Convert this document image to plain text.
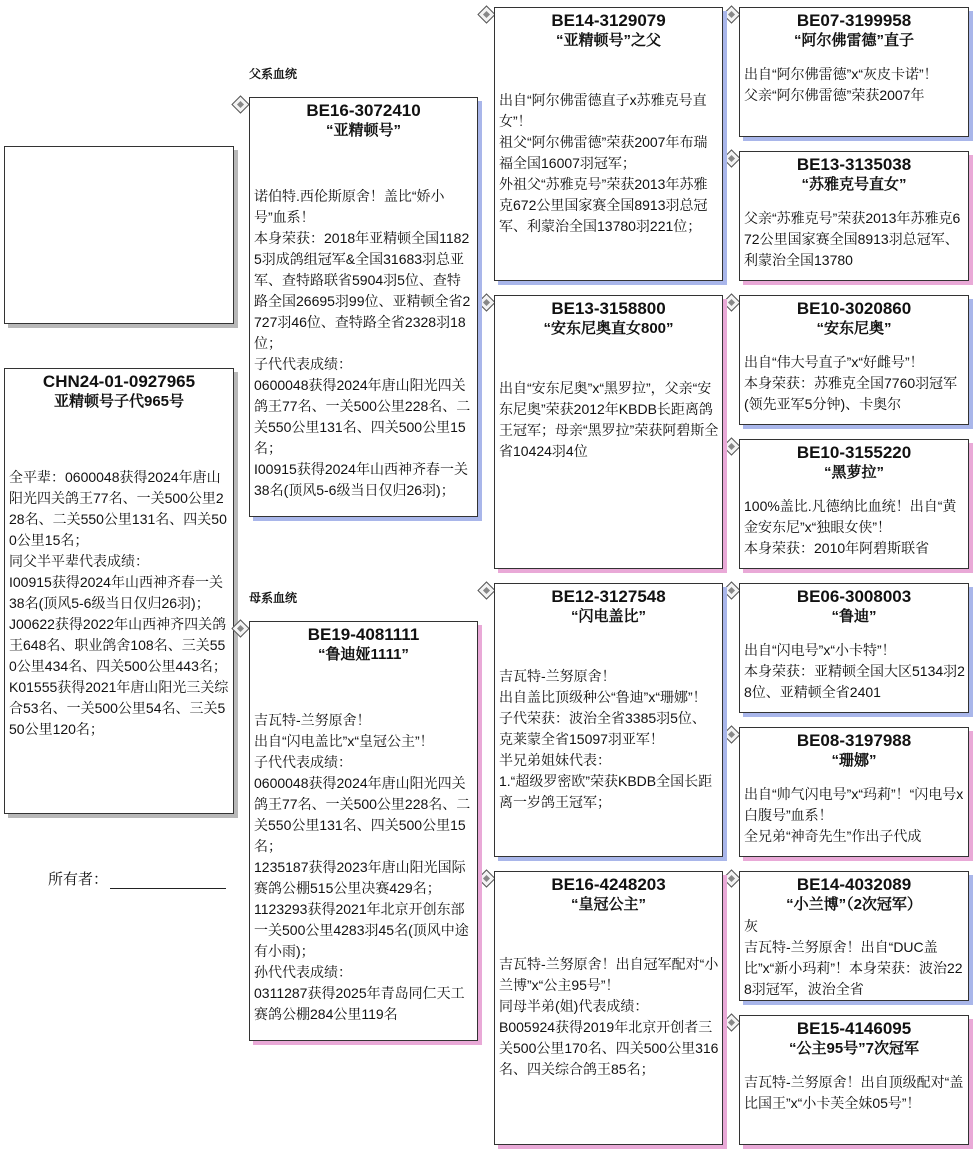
CHN24-01-0927965
亚精顿号子代965号
全平辈：0600048获得2024年唐山阳光四关鸽王77名、一关500公里228名、二关550公里131名、四关500公里15名；
同父半平辈代表成绩：
I00915获得2024年山西神齐春一关38名(顶风5-6级当日仅归26羽)；
J00622获得2022年山西神齐四关鸽王648名、职业鸽舍108名、三关550公里434名、四关500公里443名；
K01555获得2021年唐山阳光三关综合53名、一关500公里54名、三关550公里120名；
所有者：
父系血统
母系血统
BE16-3072410
“亚精顿号”
诺伯特.西伦斯原舍！盖比“娇小号”血系！
本身荣获：2018年亚精顿全国11825羽成鸽组冠军&全国31683羽总亚军、查特路联省5904羽5位、查特路全国26695羽99位、亚精顿全省2727羽46位、查特路全省2328羽18位；
子代代表成绩：
0600048获得2024年唐山阳光四关鸽王77名、一关500公里228名、二关550公里131名、四关500公里15名；
I00915获得2024年山西神齐春一关38名(顶风5-6级当日仅归26羽)；
BE19-4081111
“鲁迪娅1111”
吉瓦特-兰努原舍！
出自“闪电盖比”x“皇冠公主”！
子代代表成绩：
0600048获得2024年唐山阳光四关鸽王77名、一关500公里228名、二关550公里131名、四关500公里15名；
1235187获得2023年唐山阳光国际赛鸽公棚515公里决赛429名；
1123293获得2021年北京开创东部一关500公里4283羽45名(顶风中途有小雨)；
孙代代表成绩：
0311287获得2025年青岛同仁天工赛鸽公棚284公里119名
BE14-3129079
“亚精顿号”之父
出自“阿尔佛雷德直子x苏雅克号直女”！
祖父“阿尔佛雷德”荣获2007年布瑞福全国16007羽冠军；
外祖父“苏雅克号”荣获2013年苏雅克672公里国家赛全国8913羽总冠军、利蒙治全国13780羽221位；
BE13-3158800
“安东尼奥直女800”
出自“安东尼奥”x“黑罗拉”，父亲“安东尼奥”荣获2012年KBDB长距离鸽王冠军；母亲“黑罗拉”荣获阿碧斯全省10424羽4位
BE12-3127548
“闪电盖比”
吉瓦特-兰努原舍！
出自盖比顶级种公“鲁迪”x“珊娜”！
子代荣获：波治全省3385羽5位、克莱蒙全省15097羽亚军！
半兄弟姐妹代表：
1.“超级罗密欧”荣获KBDB全国长距离一岁鸽王冠军；
BE16-4248203
“皇冠公主”
吉瓦特-兰努原舍！出自冠军配对“小兰博”x“公主95号”！
同母半弟(姐)代表成绩：
B005924获得2019年北京开创者三关500公里170名、四关500公里316名、四关综合鸽王85名；
BE07-3199958
“阿尔佛雷德”直子
出自“阿尔佛雷德”x“灰皮卡诺”！
父亲“阿尔佛雷德”荣获2007年
BE13-3135038
“苏雅克号直女”
父亲“苏雅克号”荣获2013年苏雅克672公里国家赛全国8913羽总冠军、利蒙治全国13780
BE10-3020860
“安东尼奥”
出自“伟大号直子”x“好雌号”！
本身荣获：苏雅克全国7760羽冠军(领先亚军5分钟)、卡奥尔
BE10-3155220
“黑萝拉”
100%盖比.凡德纳比血统！出自“黄金安东尼”x“独眼女侠”！
本身荣获：2010年阿碧斯联省
BE06-3008003
“鲁迪”
出自“闪电号”x“小卡特”！
本身荣获：亚精顿全国大区5134羽28位、亚精顿全省2401
BE08-3197988
“珊娜”
出自“帅气闪电号”x“玛莉”！“闪电号x白腹号”血系！
全兄弟“神奇先生”作出子代成
BE14-4032089
“小兰博”（2次冠军）
灰
吉瓦特-兰努原舍！出自“DUC盖比”x“新小玛莉”！本身荣获：波治228羽冠军，波治全省
BE15-4146095
“公主95号”7次冠军
吉瓦特-兰努原舍！出自顶级配对“盖比国王”x“小卡芙全妹05号”！
